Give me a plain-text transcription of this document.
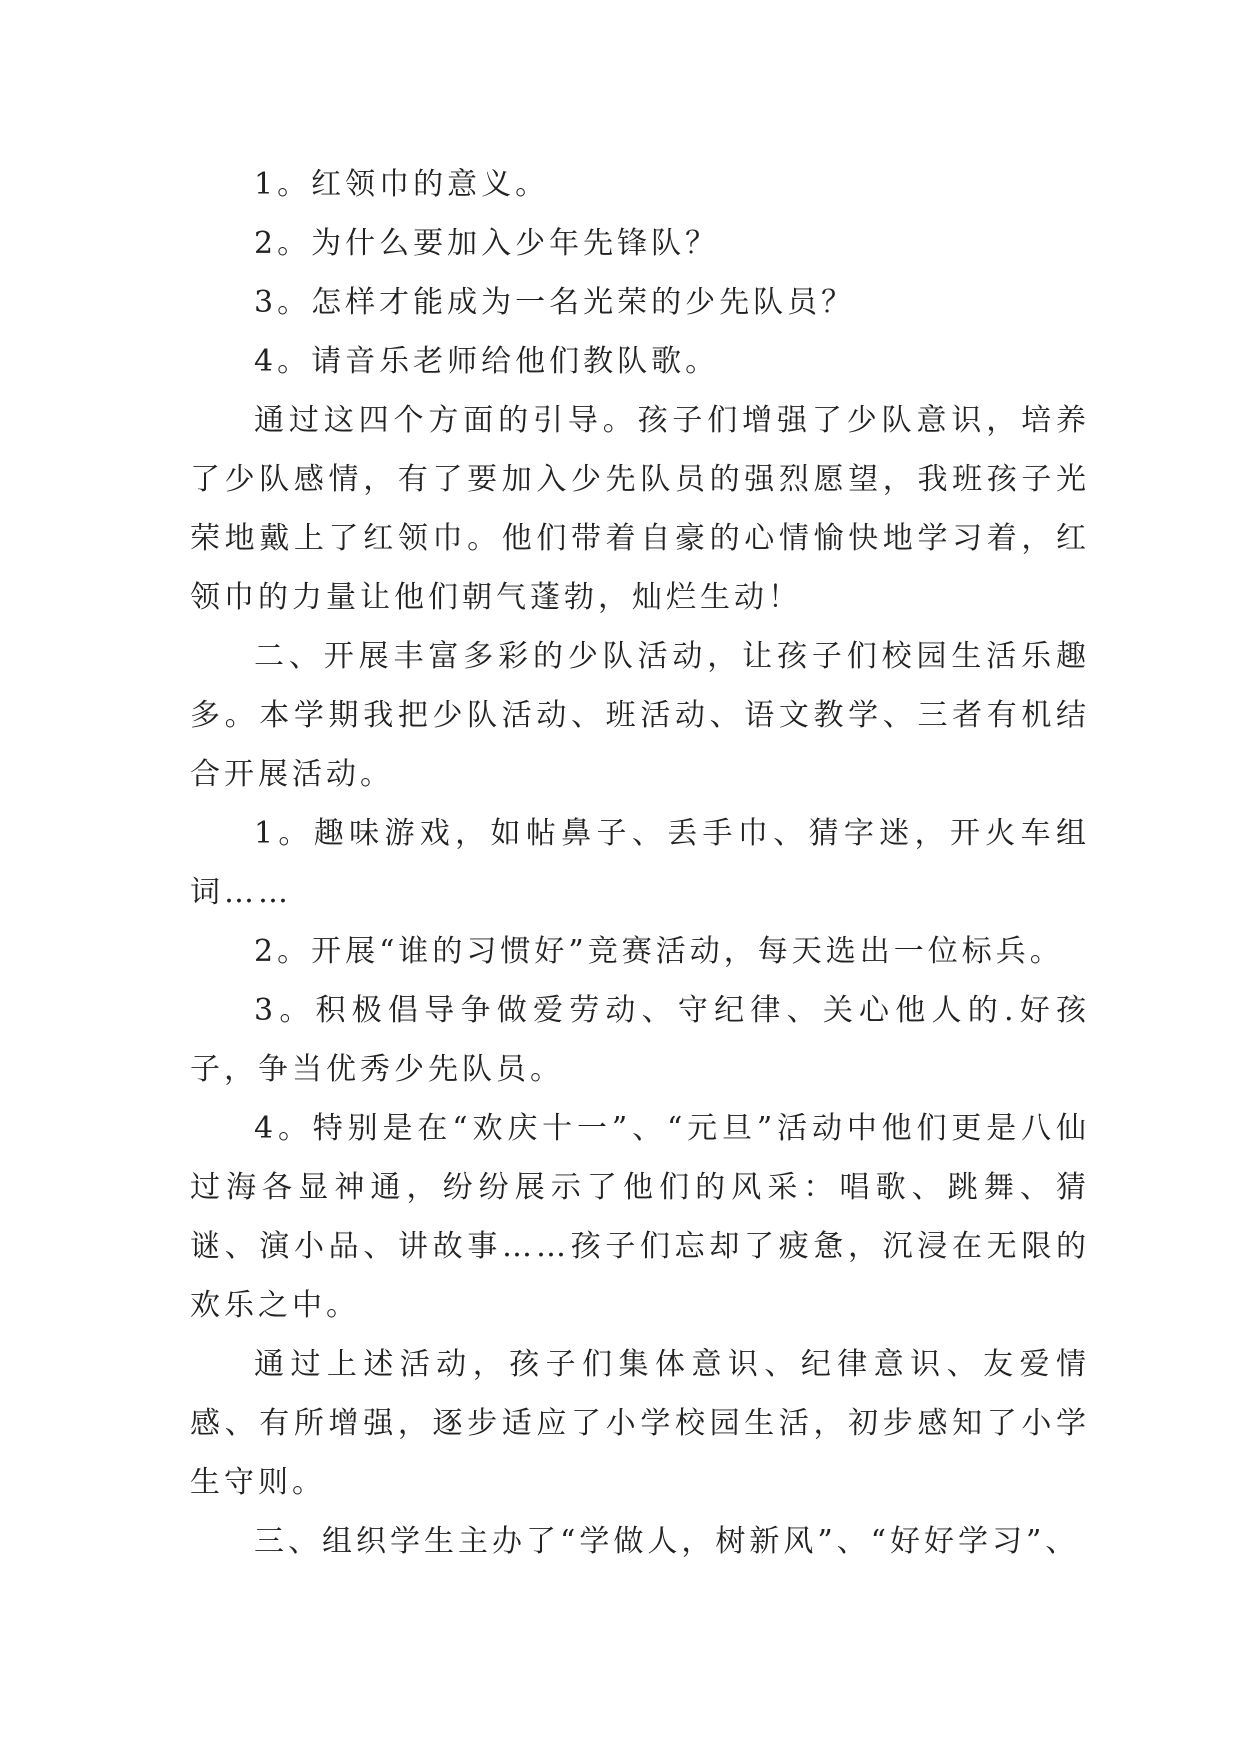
1。红领巾的意义。

2。为什么要加入少年先锋队？

3。怎样才能成为一名光荣的少先队员？

4。请音乐老师给他们教队歌。

通过这四个方面的引导。孩子们增强了少队意识，培养了少队感情，有了要加入少先队员的强烈愿望，我班孩子光荣地戴上了红领巾。他们带着自豪的心情愉快地学习着，红领巾的力量让他们朝气蓬勃，灿烂生动！

二、开展丰富多彩的少队活动，让孩子们校园生活乐趣多。本学期我把少队活动、班活动、语文教学、三者有机结合开展活动。

1。趣味游戏，如帖鼻子、丢手巾、猜字迷，开火车组词……

2。开展“谁的习惯好”竞赛活动，每天选出一位标兵。

3。积极倡导争做爱劳动、守纪律、关心他人的.好孩子，争当优秀少先队员。

4。特别是在“欢庆十一”、“元旦”活动中他们更是八仙过海各显神通，纷纷展示了他们的风采：唱歌、跳舞、猜谜、演小品、讲故事……孩子们忘却了疲惫，沉浸在无限的欢乐之中。

通过上述活动，孩子们集体意识、纪律意识、友爱情感、有所增强，逐步适应了小学校园生活，初步感知了小学生守则。

三、组织学生主办了“学做人，树新风”、“好好学习”、
